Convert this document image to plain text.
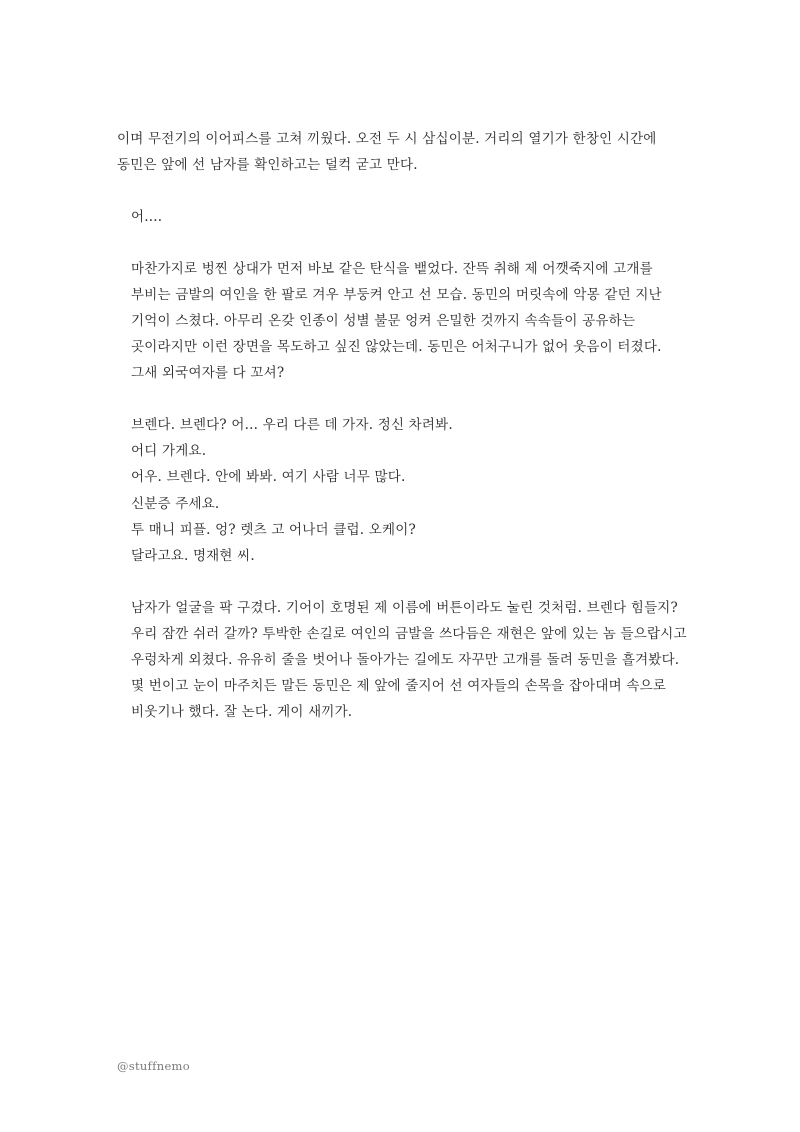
이며 무전기의 이어피스를 고쳐 끼웠다. 오전 두 시 삼십이분. 거리의 열기가 한창인 시간에 동민은 앞에 선 남자를 확인하고는 덜컥 굳고 만다.

어....

마찬가지로 벙찐 상대가 먼저 바보 같은 탄식을 뱉었다. 잔뜩 취해 제 어깻죽지에 고개를 부비는 금발의 여인을 한 팔로 겨우 부둥켜 안고 선 모습. 동민의 머릿속에 악몽 같던 지난 기억이 스쳤다. 아무리 온갖 인종이 성별 불문 엉켜 은밀한 것까지 속속들이 공유하는 곳이라지만 이런 장면을 목도하고 싶진 않았는데. 동민은 어처구니가 없어 웃음이 터졌다. 그새 외국여자를 다 꼬셔?

브렌다. 브렌다? 어... 우리 다른 데 가자. 정신 차려봐.
어디 가게요.
어우. 브렌다. 안에 봐봐. 여기 사람 너무 많다.
신분증 주세요.
투 매니 피플. 엉? 렛츠 고 어나더 클럽. 오케이?
달라고요. 명재현 씨.

남자가 얼굴을 팍 구겼다. 기어이 호명된 제 이름에 버튼이라도 눌린 것처럼. 브렌다 힘들지? 우리 잠깐 쉬러 갈까? 투박한 손길로 여인의 금발을 쓰다듬은 재현은 앞에 있는 놈 들으랍시고 우렁차게 외쳤다. 유유히 줄을 벗어나 돌아가는 길에도 자꾸만 고개를 돌려 동민을 흘겨봤다. 몇 번이고 눈이 마주치든 말든 동민은 제 앞에 줄지어 선 여자들의 손목을 잡아대며 속으로 비웃기나 했다. 잘 논다. 게이 새끼가.

@stuffnemo
